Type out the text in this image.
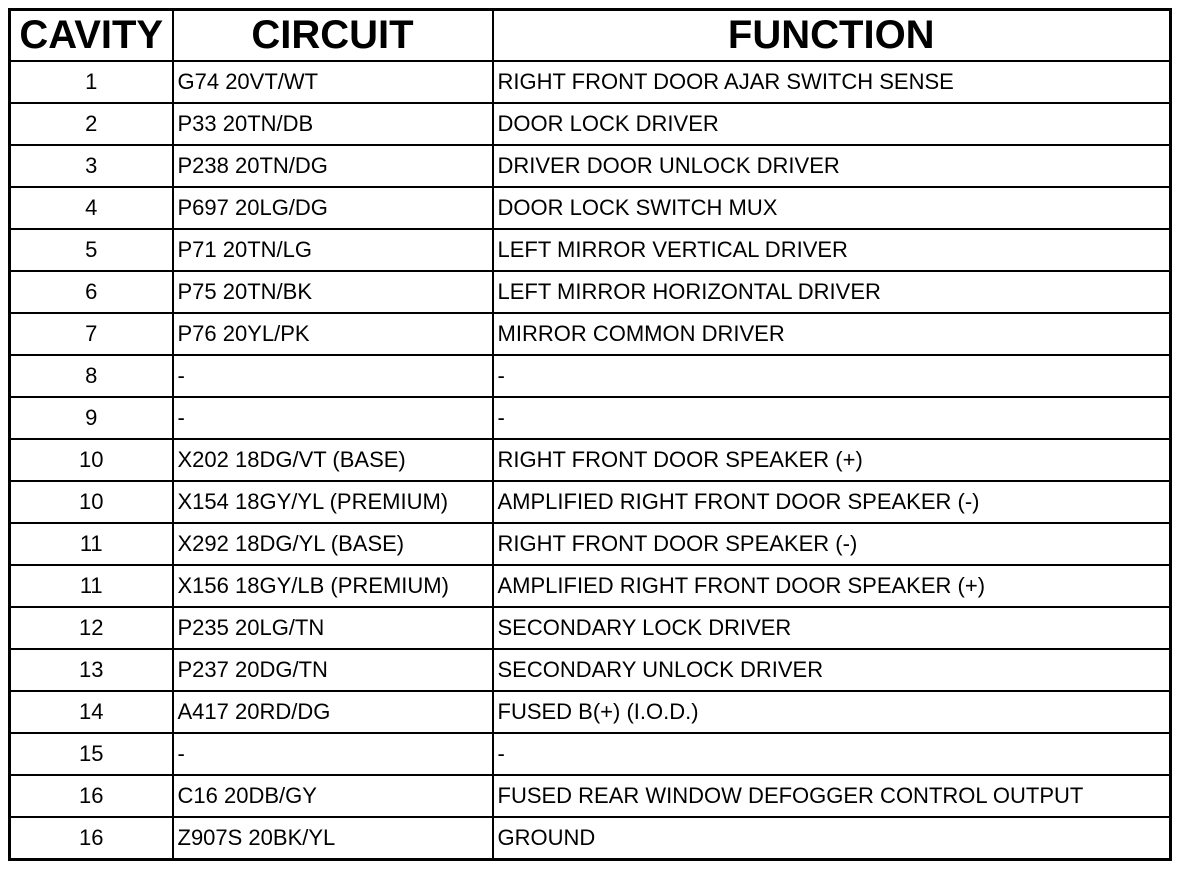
CAVITY	CIRCUIT	FUNCTION
1	G74 20VT/WT	RIGHT FRONT DOOR AJAR SWITCH SENSE
2	P33 20TN/DB	DOOR LOCK DRIVER
3	P238 20TN/DG	DRIVER DOOR UNLOCK DRIVER
4	P697 20LG/DG	DOOR LOCK SWITCH MUX
5	P71 20TN/LG	LEFT MIRROR VERTICAL DRIVER
6	P75 20TN/BK	LEFT MIRROR HORIZONTAL DRIVER
7	P76 20YL/PK	MIRROR COMMON DRIVER
8	-	-
9	-	-
10	X202 18DG/VT (BASE)	RIGHT FRONT DOOR SPEAKER (+)
10	X154 18GY/YL (PREMIUM)	AMPLIFIED RIGHT FRONT DOOR SPEAKER (-)
11	X292 18DG/YL (BASE)	RIGHT FRONT DOOR SPEAKER (-)
11	X156 18GY/LB (PREMIUM)	AMPLIFIED RIGHT FRONT DOOR SPEAKER (+)
12	P235 20LG/TN	SECONDARY LOCK DRIVER
13	P237 20DG/TN	SECONDARY UNLOCK DRIVER
14	A417 20RD/DG	FUSED B(+) (I.O.D.)
15	-	-
16	C16 20DB/GY	FUSED REAR WINDOW DEFOGGER CONTROL OUTPUT
16	Z907S 20BK/YL	GROUND
